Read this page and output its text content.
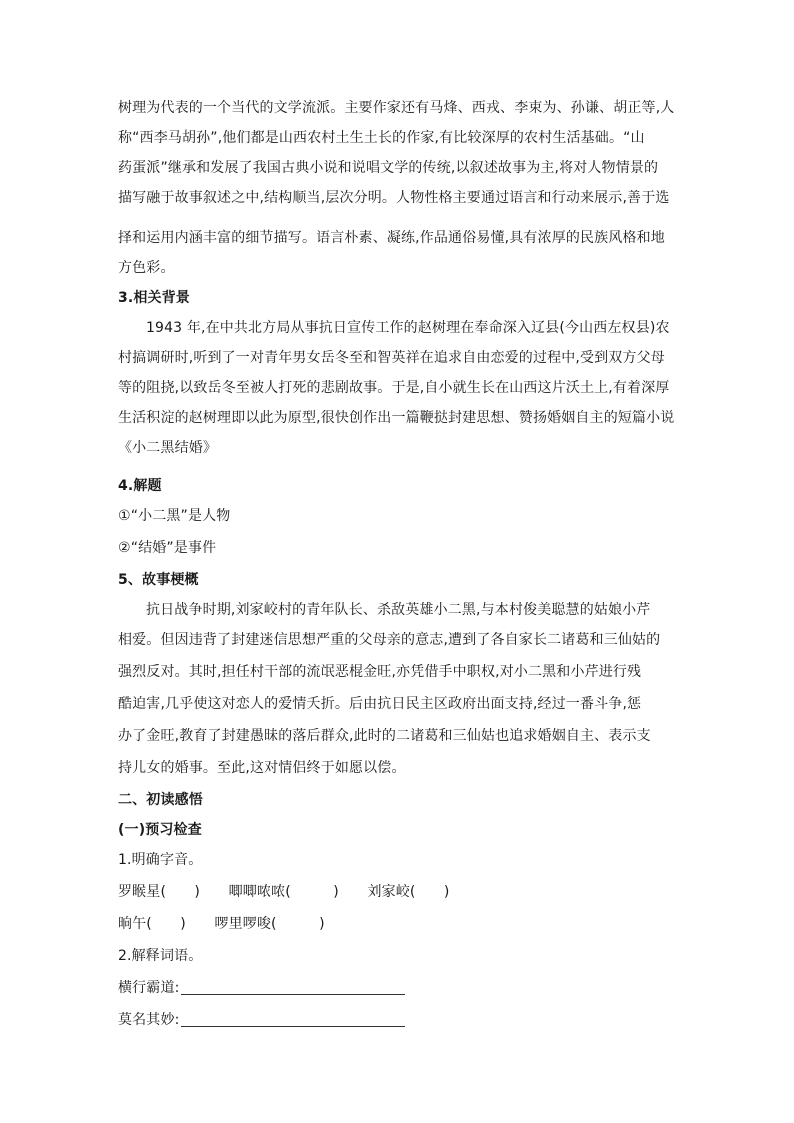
树理为代表的一个当代的文学流派。主要作家还有马烽、西戎、李束为、孙谦、胡正等,人
称“西李马胡孙”,他们都是山西农村土生土长的作家,有比较深厚的农村生活基础。“山
药蛋派”继承和发展了我国古典小说和说唱文学的传统,以叙述故事为主,将对人物情景的
描写融于故事叙述之中,结构顺当,层次分明。人物性格主要通过语言和行动来展示,善于选
择和运用内涵丰富的细节描写。语言朴素、凝练,作品通俗易懂,具有浓厚的民族风格和地
方色彩。
3.相关背景
1943 年,在中共北方局从事抗日宣传工作的赵树理在奉命深入辽县(今山西左权县)农
村搞调研时,听到了一对青年男女岳冬至和智英祥在追求自由恋爱的过程中,受到双方父母
等的阻挠,以致岳冬至被人打死的悲剧故事。于是,自小就生长在山西这片沃土上,有着深厚
生活积淀的赵树理即以此为原型,很快创作出一篇鞭挞封建思想、赞扬婚姻自主的短篇小说
《小二黑结婚》
4.解题
①“小二黑”是人物
②“结婚”是事件
5、故事梗概
抗日战争时期,刘家峧村的青年队长、杀敌英雄小二黑,与本村俊美聪慧的姑娘小芹
相爱。但因违背了封建迷信思想严重的父母亲的意志,遭到了各自家长二诸葛和三仙姑的
强烈反对。其时,担任村干部的流氓恶棍金旺,亦凭借手中职权,对小二黑和小芹进行残
酷迫害,几乎使这对恋人的爱情夭折。后由抗日民主区政府出面支持,经过一番斗争,惩
办了金旺,教育了封建愚昧的落后群众,此时的二诸葛和三仙姑也追求婚姻自主、表示支
持儿女的婚事。至此,这对情侣终于如愿以偿。
二、初读感悟
(一)预习检查
1.明确字音。
罗睺星(　　) 唧唧哝哝(　　　) 刘家峧(　　)
晌午(　　) 啰里啰唆(　　　)
2.解释词语。
横行霸道:
莫名其妙:
